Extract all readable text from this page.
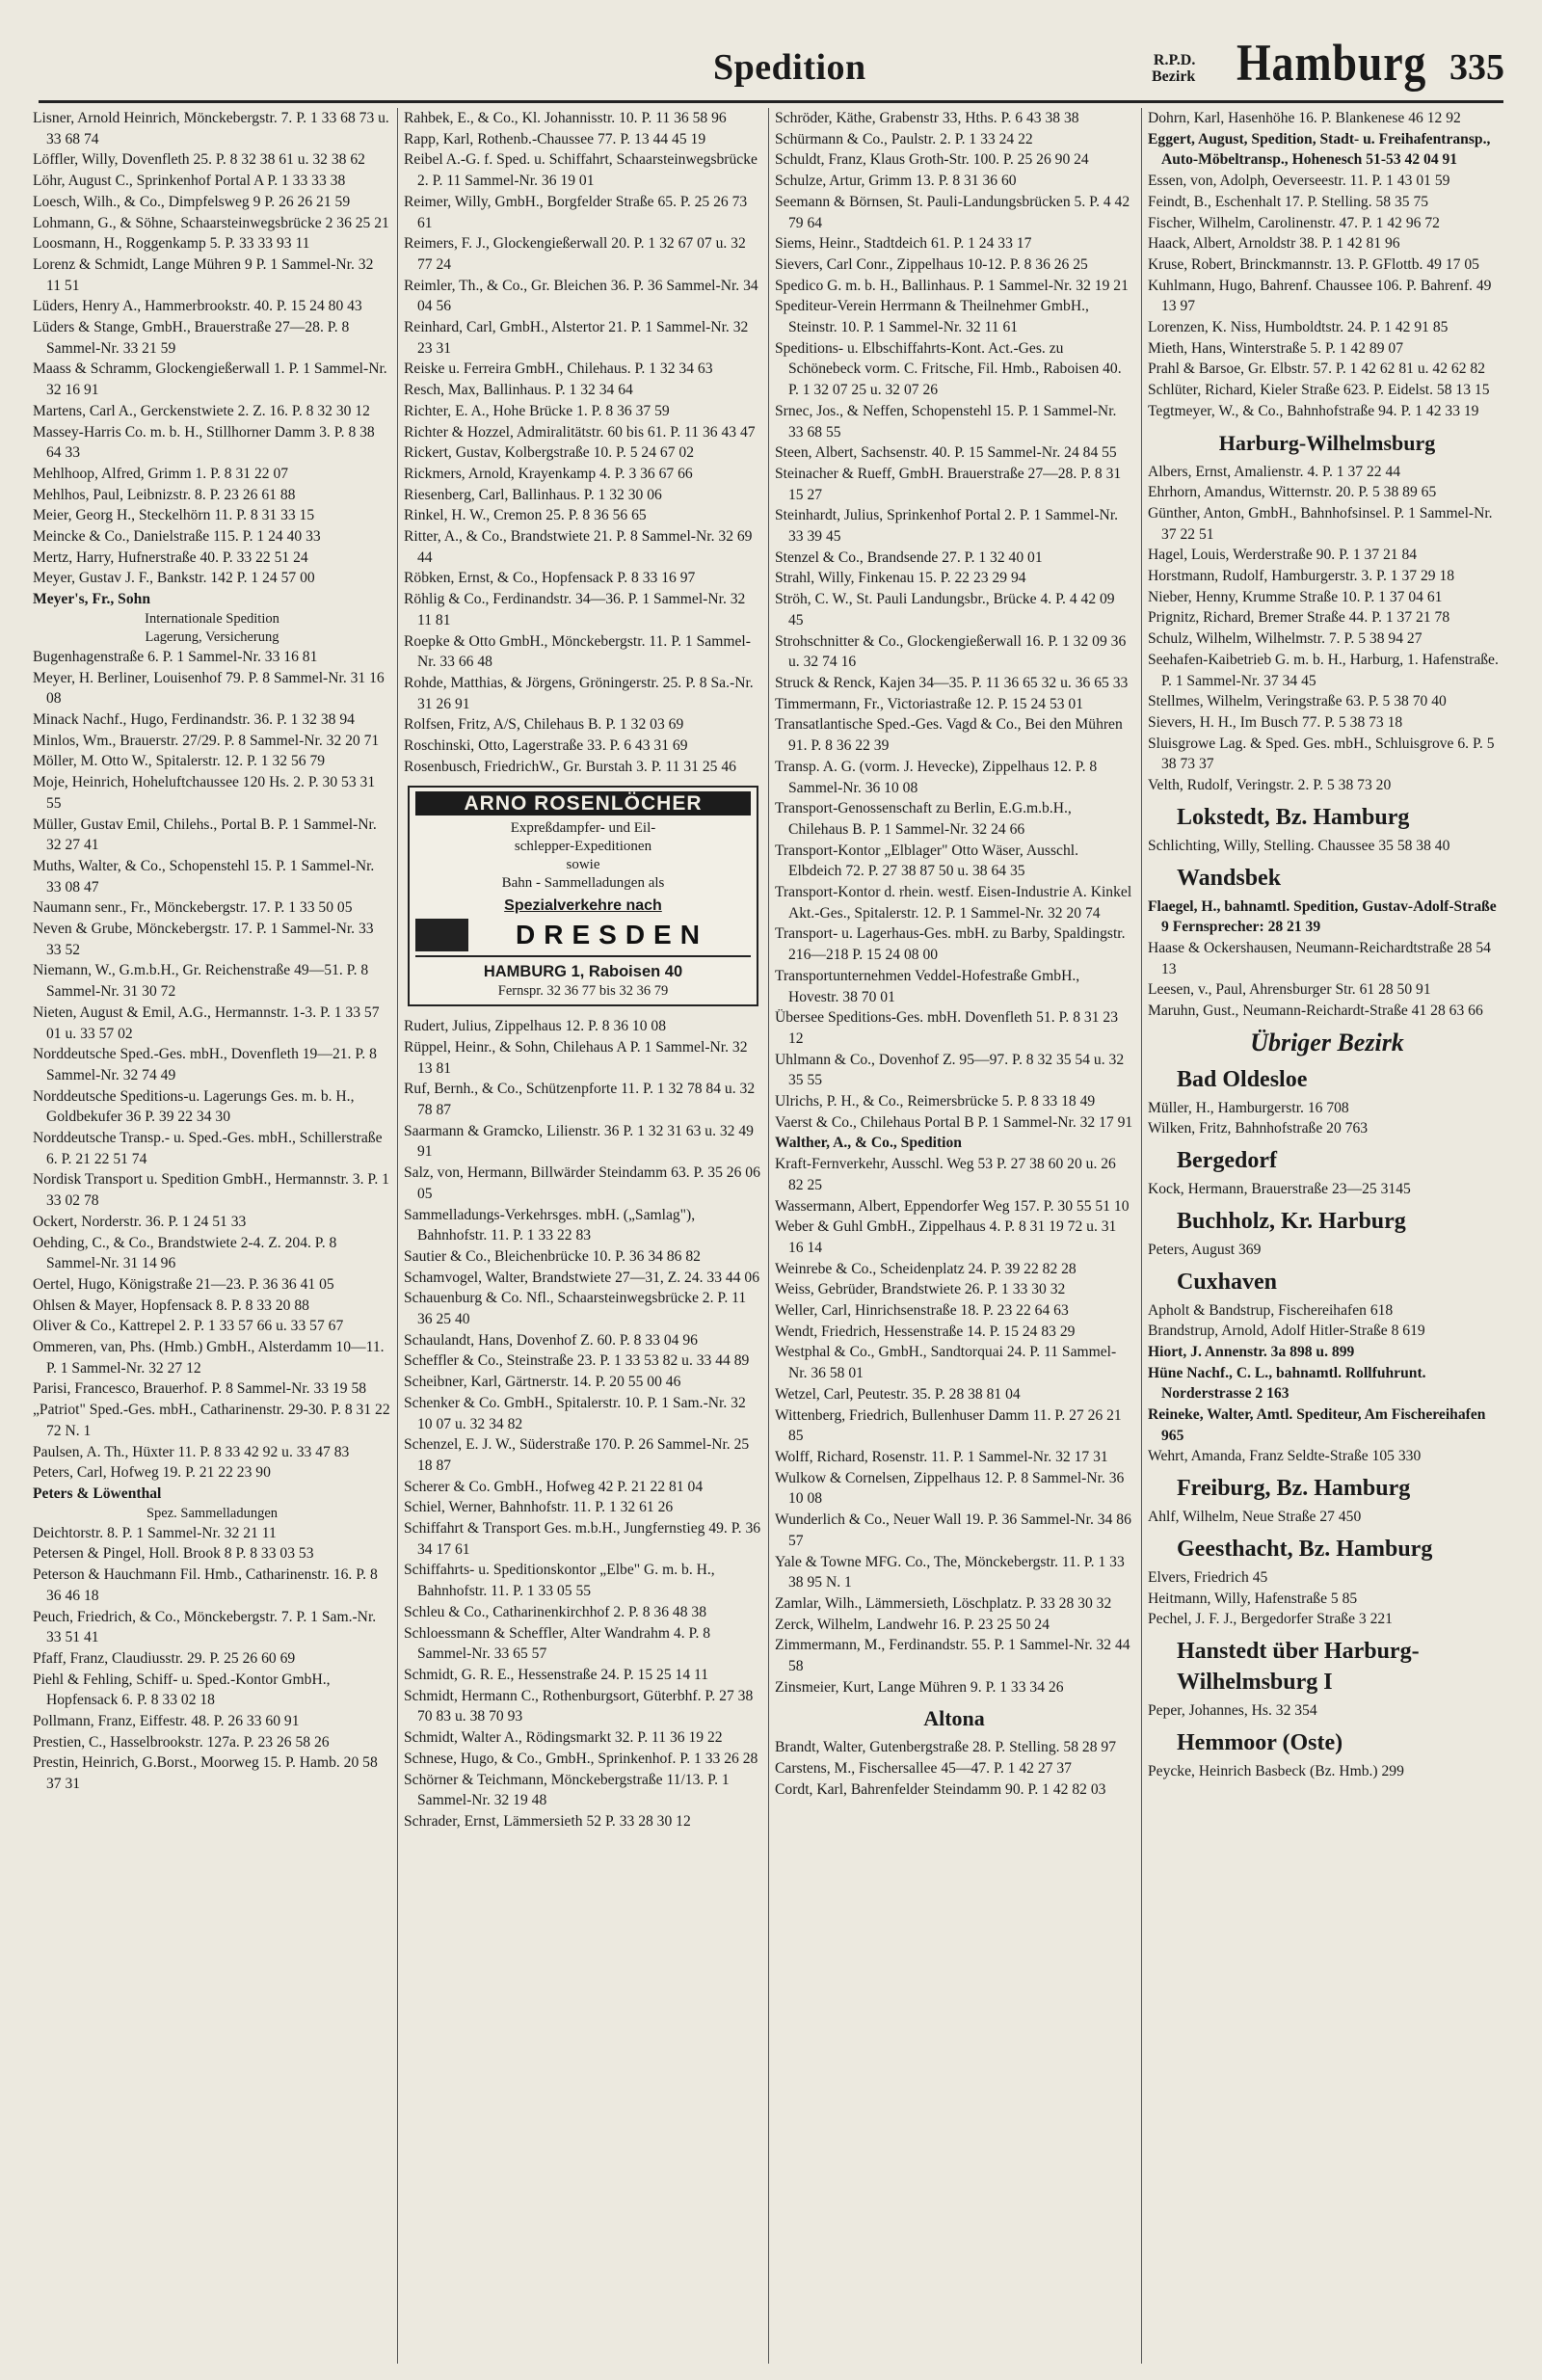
Spedition	R.P.D.
Bezirk Hamburg 335
Lisner, Arnold Heinrich, Mönckebergstr. 7. P. 1 33 68 73 u. 33 68 74
Löffler, Willy, Dovenfleth 25. P. 8 32 38 61 u. 32 38 62
Löhr, August C., Sprinkenhof Portal A P. 1 33 33 38
Loesch, Wilh., & Co., Dimpfelsweg 9 P. 26 26 21 59
Lohmann, G., & Söhne, Schaarsteinwegsbrücke 2 36 25 21
Loosmann, H., Roggenkamp 5. P. 33 33 93 11
Lorenz & Schmidt, Lange Mühren 9 P. 1 Sammel-Nr. 32 11 51
Lüders, Henry A., Hammerbrookstr. 40. P. 15 24 80 43
Lüders & Stange, GmbH., Brauerstraße 27—28. P. 8 Sammel-Nr. 33 21 59
Maass & Schramm, Glockengießerwall 1. P. 1 Sammel-Nr. 32 16 91
Martens, Carl A., Gerckenstwiete 2. Z. 16. P. 8 32 30 12
Massey-Harris Co. m. b. H., Stillhorner Damm 3. P. 8 38 64 33
Mehlhoop, Alfred, Grimm 1. P. 8 31 22 07
Mehlhos, Paul, Leibnizstr. 8. P. 23 26 61 88
Meier, Georg H., Steckelhörn 11. P. 8 31 33 15
Meincke & Co., Danielstraße 115. P. 1 24 40 33
Mertz, Harry, Hufnerstraße 40. P. 33 22 51 24
Meyer, Gustav J. F., Bankstr. 142 P. 1 24 57 00
Meyer's, Fr., Sohn
Internationale Spedition
Lagerung, Versicherung
Bugenhagenstraße 6. P. 1 Sammel-Nr. 33 16 81
Meyer, H. Berliner, Louisenhof 79. P. 8 Sammel-Nr. 31 16 08
Minack Nachf., Hugo, Ferdinandstr. 36. P. 1 32 38 94
Minlos, Wm., Brauerstr. 27/29. P. 8 Sammel-Nr. 32 20 71
Möller, M. Otto W., Spitalerstr. 12. P. 1 32 56 79
Moje, Heinrich, Hoheluftchaussee 120 Hs. 2. P. 30 53 31 55
Müller, Gustav Emil, Chilehs., Portal B. P. 1 Sammel-Nr. 32 27 41
Muths, Walter, & Co., Schopenstehl 15. P. 1 Sammel-Nr. 33 08 47
Naumann senr., Fr., Mönckebergstr. 17. P. 1 33 50 05
Neven & Grube, Mönckebergstr. 17. P. 1 Sammel-Nr. 33 33 52
Niemann, W., G.m.b.H., Gr. Reichenstraße 49—51. P. 8 Sammel-Nr. 31 30 72
Nieten, August & Emil, A.G., Hermannstr. 1-3. P. 1 33 57 01 u. 33 57 02
Norddeutsche Sped.-Ges. mbH., Dovenfleth 19—21. P. 8 Sammel-Nr. 32 74 49
Norddeutsche Speditions-u. Lagerungs Ges. m. b. H., Goldbekufer 36 P. 39 22 34 30
Norddeutsche Transp.- u. Sped.-Ges. mbH., Schillerstraße 6. P. 21 22 51 74
Nordisk Transport u. Spedition GmbH., Hermannstr. 3. P. 1 33 02 78
Ockert, Norderstr. 36. P. 1 24 51 33
Oehding, C., & Co., Brandstwiete 2-4. Z. 204. P. 8 Sammel-Nr. 31 14 96
Oertel, Hugo, Königstraße 21—23. P. 36 36 41 05
Ohlsen & Mayer, Hopfensack 8. P. 8 33 20 88
Oliver & Co., Kattrepel 2. P. 1 33 57 66 u. 33 57 67
Ommeren, van, Phs. (Hmb.) GmbH., Alsterdamm 10—11. P. 1 Sammel-Nr. 32 27 12
Parisi, Francesco, Brauerhof. P. 8 Sammel-Nr. 33 19 58
„Patriot" Sped.-Ges. mbH., Catharinenstr. 29-30. P. 8 31 22 72 N. 1
Paulsen, A. Th., Hüxter 11. P. 8 33 42 92 u. 33 47 83
Peters, Carl, Hofweg 19. P. 21 22 23 90
Peters & Löwenthal
Spez. Sammelladungen
Deichtorstr. 8. P. 1 Sammel-Nr. 32 21 11
Petersen & Pingel, Holl. Brook 8 P. 8 33 03 53
Peterson & Hauchmann Fil. Hmb., Catharinenstr. 16. P. 8 36 46 18
Peuch, Friedrich, & Co., Mönckebergstr. 7. P. 1 Sam.-Nr. 33 51 41
Pfaff, Franz, Claudiusstr. 29. P. 25 26 60 69
Piehl & Fehling, Schiff- u. Sped.-Kontor GmbH., Hopfensack 6. P. 8 33 02 18
Pollmann, Franz, Eiffestr. 48. P. 26 33 60 91
Prestien, C., Hasselbrookstr. 127a. P. 23 26 58 26
Prestin, Heinrich, G.Borst., Moorweg 15. P. Hamb. 20 58 37 31
Rahbek, E., & Co., Kl. Johannisstr. 10. P. 11 36 58 96
Rapp, Karl, Rothenb.-Chaussee 77. P. 13 44 45 19
Reibel A.-G. f. Sped. u. Schiffahrt, Schaarsteinwegsbrücke 2. P. 11 Sammel-Nr. 36 19 01
Reimer, Willy, GmbH., Borgfelder Straße 65. P. 25 26 73 61
Reimers, F. J., Glockengießerwall 20. P. 1 32 67 07 u. 32 77 24
Reimler, Th., & Co., Gr. Bleichen 36. P. 36 Sammel-Nr. 34 04 56
Reinhard, Carl, GmbH., Alstertor 21. P. 1 Sammel-Nr. 32 23 31
Reiske u. Ferreira GmbH., Chilehaus. P. 1 32 34 63
Resch, Max, Ballinhaus. P. 1 32 34 64
Richter, E. A., Hohe Brücke 1. P. 8 36 37 59
Richter & Hozzel, Admiralitätstr. 60 bis 61. P. 11 36 43 47
Rickert, Gustav, Kolbergstraße 10. P. 5 24 67 02
Rickmers, Arnold, Krayenkamp 4. P. 3 36 67 66
Riesenberg, Carl, Ballinhaus. P. 1 32 30 06
Rinkel, H. W., Cremon 25. P. 8 36 56 65
Ritter, A., & Co., Brandstwiete 21. P. 8 Sammel-Nr. 32 69 44
Röbken, Ernst, & Co., Hopfensack P. 8 33 16 97
Röhlig & Co., Ferdinandstr. 34—36. P. 1 Sammel-Nr. 32 11 81
Roepke & Otto GmbH., Mönckebergstr. 11. P. 1 Sammel-Nr. 33 66 48
Rohde, Matthias, & Jörgens, Gröningerstr. 25. P. 8 Sa.-Nr. 31 26 91
Rolfsen, Fritz, A/S, Chilehaus B. P. 1 32 03 69
Roschinski, Otto, Lagerstraße 33. P. 6 43 31 69
Rosenbusch, FriedrichW., Gr. Burstah 3. P. 11 31 25 46
ARNO ROSENLÖCHER
Expreßdampfer- und Eil-
schlepper-Expeditionen
sowie
Bahn - Sammelladungen als
Spezialverkehre nach
DRESDEN
HAMBURG 1, Raboisen 40
Fernspr. 32 36 77 bis 32 36 79
Rudert, Julius, Zippelhaus 12. P. 8 36 10 08
Rüppel, Heinr., & Sohn, Chilehaus A P. 1 Sammel-Nr. 32 13 81
Ruf, Bernh., & Co., Schützenpforte 11. P. 1 32 78 84 u. 32 78 87
Saarmann & Gramcko, Lilienstr. 36 P. 1 32 31 63 u. 32 49 91
Salz, von, Hermann, Billwärder Steindamm 63. P. 35 26 06 05
Sammelladungs-Verkehrsges. mbH. („Samlag"), Bahnhofstr. 11. P. 1 33 22 83
Sautier & Co., Bleichenbrücke 10. P. 36 34 86 82
Schamvogel, Walter, Brandstwiete 27—31, Z. 24. 33 44 06
Schauenburg & Co. Nfl., Schaarsteinwegsbrücke 2. P. 11 36 25 40
Schaulandt, Hans, Dovenhof Z. 60. P. 8 33 04 96
Scheffler & Co., Steinstraße 23. P. 1 33 53 82 u. 33 44 89
Scheibner, Karl, Gärtnerstr. 14. P. 20 55 00 46
Schenker & Co. GmbH., Spitalerstr. 10. P. 1 Sam.-Nr. 32 10 07 u. 32 34 82
Schenzel, E. J. W., Süderstraße 170. P. 26 Sammel-Nr. 25 18 87
Scherer & Co. GmbH., Hofweg 42 P. 21 22 81 04
Schiel, Werner, Bahnhofstr. 11. P. 1 32 61 26
Schiffahrt & Transport Ges. m.b.H., Jungfernstieg 49. P. 36 34 17 61
Schiffahrts- u. Speditionskontor „Elbe" G. m. b. H., Bahnhofstr. 11. P. 1 33 05 55
Schleu & Co., Catharinenkirchhof 2. P. 8 36 48 38
Schloessmann & Scheffler, Alter Wandrahm 4. P. 8 Sammel-Nr. 33 65 57
Schmidt, G. R. E., Hessenstraße 24. P. 15 25 14 11
Schmidt, Hermann C., Rothenburgsort, Güterbhf. P. 27 38 70 83 u. 38 70 93
Schmidt, Walter A., Rödingsmarkt 32. P. 11 36 19 22
Schnese, Hugo, & Co., GmbH., Sprinkenhof. P. 1 33 26 28
Schörner & Teichmann, Mönckebergstraße 11/13. P. 1 Sammel-Nr. 32 19 48
Schrader, Ernst, Lämmersieth 52 P. 33 28 30 12
Schröder, Käthe, Grabenstr 33, Hths. P. 6 43 38 38
Schürmann & Co., Paulstr. 2. P. 1 33 24 22
Schuldt, Franz, Klaus Groth-Str. 100. P. 25 26 90 24
Schulze, Artur, Grimm 13. P. 8 31 36 60
Seemann & Börnsen, St. Pauli-Landungsbrücken 5. P. 4 42 79 64
Siems, Heinr., Stadtdeich 61. P. 1 24 33 17
Sievers, Carl Conr., Zippelhaus 10-12. P. 8 36 26 25
Spedico G. m. b. H., Ballinhaus. P. 1 Sammel-Nr. 32 19 21
Spediteur-Verein Herrmann & Theilnehmer GmbH., Steinstr. 10. P. 1 Sammel-Nr. 32 11 61
Speditions- u. Elbschiffahrts-Kont. Act.-Ges. zu Schönebeck vorm. C. Fritsche, Fil. Hmb., Raboisen 40. P. 1 32 07 25 u. 32 07 26
Srnec, Jos., & Neffen, Schopenstehl 15. P. 1 Sammel-Nr. 33 68 55
Steen, Albert, Sachsenstr. 40. P. 15 Sammel-Nr. 24 84 55
Steinacher & Rueff, GmbH. Brauerstraße 27—28. P. 8 31 15 27
Steinhardt, Julius, Sprinkenhof Portal 2. P. 1 Sammel-Nr. 33 39 45
Stenzel & Co., Brandsende 27. P. 1 32 40 01
Strahl, Willy, Finkenau 15. P. 22 23 29 94
Ströh, C. W., St. Pauli Landungsbr., Brücke 4. P. 4 42 09 45
Strohschnitter & Co., Glockengießerwall 16. P. 1 32 09 36 u. 32 74 16
Struck & Renck, Kajen 34—35. P. 11 36 65 32 u. 36 65 33
Timmermann, Fr., Victoriastraße 12. P. 15 24 53 01
Transatlantische Sped.-Ges. Vagd & Co., Bei den Mühren 91. P. 8 36 22 39
Transp. A. G. (vorm. J. Hevecke), Zippelhaus 12. P. 8 Sammel-Nr. 36 10 08
Transport-Genossenschaft zu Berlin, E.G.m.b.H., Chilehaus B. P. 1 Sammel-Nr. 32 24 66
Transport-Kontor „Elblager" Otto Wäser, Ausschl. Elbdeich 72. P. 27 38 87 50 u. 38 64 35
Transport-Kontor d. rhein. westf. Eisen-Industrie A. Kinkel Akt.-Ges., Spitalerstr. 12. P. 1 Sammel-Nr. 32 20 74
Transport- u. Lagerhaus-Ges. mbH. zu Barby, Spaldingstr. 216—218 P. 15 24 08 00
Transportunternehmen Veddel-Hofestraße GmbH., Hovestr. 38 70 01
Übersee Speditions-Ges. mbH. Dovenfleth 51. P. 8 31 23 12
Uhlmann & Co., Dovenhof Z. 95—97. P. 8 32 35 54 u. 32 35 55
Ulrichs, P. H., & Co., Reimersbrücke 5. P. 8 33 18 49
Vaerst & Co., Chilehaus Portal B P. 1 Sammel-Nr. 32 17 91
Walther, A., & Co., Spedition
Kraft-Fernverkehr, Ausschl. Weg 53 P. 27 38 60 20 u. 26 82 25
Wassermann, Albert, Eppendorfer Weg 157. P. 30 55 51 10
Weber & Guhl GmbH., Zippelhaus 4. P. 8 31 19 72 u. 31 16 14
Weinrebe & Co., Scheidenplatz 24. P. 39 22 82 28
Weiss, Gebrüder, Brandstwiete 26. P. 1 33 30 32
Weller, Carl, Hinrichsenstraße 18. P. 23 22 64 63
Wendt, Friedrich, Hessenstraße 14. P. 15 24 83 29
Westphal & Co., GmbH., Sandtorquai 24. P. 11 Sammel-Nr. 36 58 01
Wetzel, Carl, Peutestr. 35. P. 28 38 81 04
Wittenberg, Friedrich, Bullenhuser Damm 11. P. 27 26 21 85
Wolff, Richard, Rosenstr. 11. P. 1 Sammel-Nr. 32 17 31
Wulkow & Cornelsen, Zippelhaus 12. P. 8 Sammel-Nr. 36 10 08
Wunderlich & Co., Neuer Wall 19. P. 36 Sammel-Nr. 34 86 57
Yale & Towne MFG. Co., The, Mönckebergstr. 11. P. 1 33 38 95 N. 1
Zamlar, Wilh., Lämmersieth, Löschplatz. P. 33 28 30 32
Zerck, Wilhelm, Landwehr 16. P. 23 25 50 24
Zimmermann, M., Ferdinandstr. 55. P. 1 Sammel-Nr. 32 44 58
Zinsmeier, Kurt, Lange Mühren 9. P. 1 33 34 26
Altona
Brandt, Walter, Gutenbergstraße 28. P. Stelling. 58 28 97
Carstens, M., Fischersallee 45—47. P. 1 42 27 37
Cordt, Karl, Bahrenfelder Steindamm 90. P. 1 42 82 03
Dohrn, Karl, Hasenhöhe 16. P. Blankenese 46 12 92
Eggert, August, Spedition, Stadt- u. Freihafentransp., Auto-Möbeltransp., Hohenesch 51-53 42 04 91
Essen, von, Adolph, Oeverseestr. 11. P. 1 43 01 59
Feindt, B., Eschenhalt 17. P. Stelling. 58 35 75
Fischer, Wilhelm, Carolinenstr. 47. P. 1 42 96 72
Haack, Albert, Arnoldstr 38. P. 1 42 81 96
Kruse, Robert, Brinckmannstr. 13. P. GFlottb. 49 17 05
Kuhlmann, Hugo, Bahrenf. Chaussee 106. P. Bahrenf. 49 13 97
Lorenzen, K. Niss, Humboldtstr. 24. P. 1 42 91 85
Mieth, Hans, Winterstraße 5. P. 1 42 89 07
Prahl & Barsoe, Gr. Elbstr. 57. P. 1 42 62 81 u. 42 62 82
Schlüter, Richard, Kieler Straße 623. P. Eidelst. 58 13 15
Tegtmeyer, W., & Co., Bahnhofstraße 94. P. 1 42 33 19
Harburg-Wilhelmsburg
Albers, Ernst, Amalienstr. 4. P. 1 37 22 44
Ehrhorn, Amandus, Witternstr. 20. P. 5 38 89 65
Günther, Anton, GmbH., Bahnhofsinsel. P. 1 Sammel-Nr. 37 22 51
Hagel, Louis, Werderstraße 90. P. 1 37 21 84
Horstmann, Rudolf, Hamburgerstr. 3. P. 1 37 29 18
Nieber, Henny, Krumme Straße 10. P. 1 37 04 61
Prignitz, Richard, Bremer Straße 44. P. 1 37 21 78
Schulz, Wilhelm, Wilhelmstr. 7. P. 5 38 94 27
Seehafen-Kaibetrieb G. m. b. H., Harburg, 1. Hafenstraße. P. 1 Sammel-Nr. 37 34 45
Stellmes, Wilhelm, Veringstraße 63. P. 5 38 70 40
Sievers, H. H., Im Busch 77. P. 5 38 73 18
Sluisgrowe Lag. & Sped. Ges. mbH., Schluisgrove 6. P. 5 38 73 37
Velth, Rudolf, Veringstr. 2. P. 5 38 73 20
Lokstedt, Bz. Hamburg
Schlichting, Willy, Stelling. Chaussee 35 58 38 40
Wandsbek
Flaegel, H., bahnamtl. Spedition, Gustav-Adolf-Straße 9 Fernsprecher: 28 21 39
Haase & Ockershausen, Neumann-Reichardtstraße 28 54 13
Leesen, v., Paul, Ahrensburger Str. 61 28 50 91
Maruhn, Gust., Neumann-Reichardt-Straße 41 28 63 66
Übriger Bezirk
Bad Oldesloe
Müller, H., Hamburgerstr. 16 708
Wilken, Fritz, Bahnhofstraße 20 763
Bergedorf
Kock, Hermann, Brauerstraße 23—25 3145
Buchholz, Kr. Harburg
Peters, August 369
Cuxhaven
Apholt & Bandstrup, Fischereihafen 618
Brandstrup, Arnold, Adolf Hitler-Straße 8 619
Hiort, J. Annenstr. 3a 898 u. 899
Hüne Nachf., C. L., bahnamtl. Rollfuhrunt. Norderstrasse 2 163
Reineke, Walter, Amtl. Spediteur, Am Fischereihafen 965
Wehrt, Amanda, Franz Seldte-Straße 105 330
Freiburg, Bz. Hamburg
Ahlf, Wilhelm, Neue Straße 27 450
Geesthacht, Bz. Hamburg
Elvers, Friedrich 45
Heitmann, Willy, Hafenstraße 5 85
Pechel, J. F. J., Bergedorfer Straße 3 221
Hanstedt über Harburg-Wilhelmsburg I
Peper, Johannes, Hs. 32 354
Hemmoor (Oste)
Peycke, Heinrich Basbeck (Bz. Hmb.) 299
